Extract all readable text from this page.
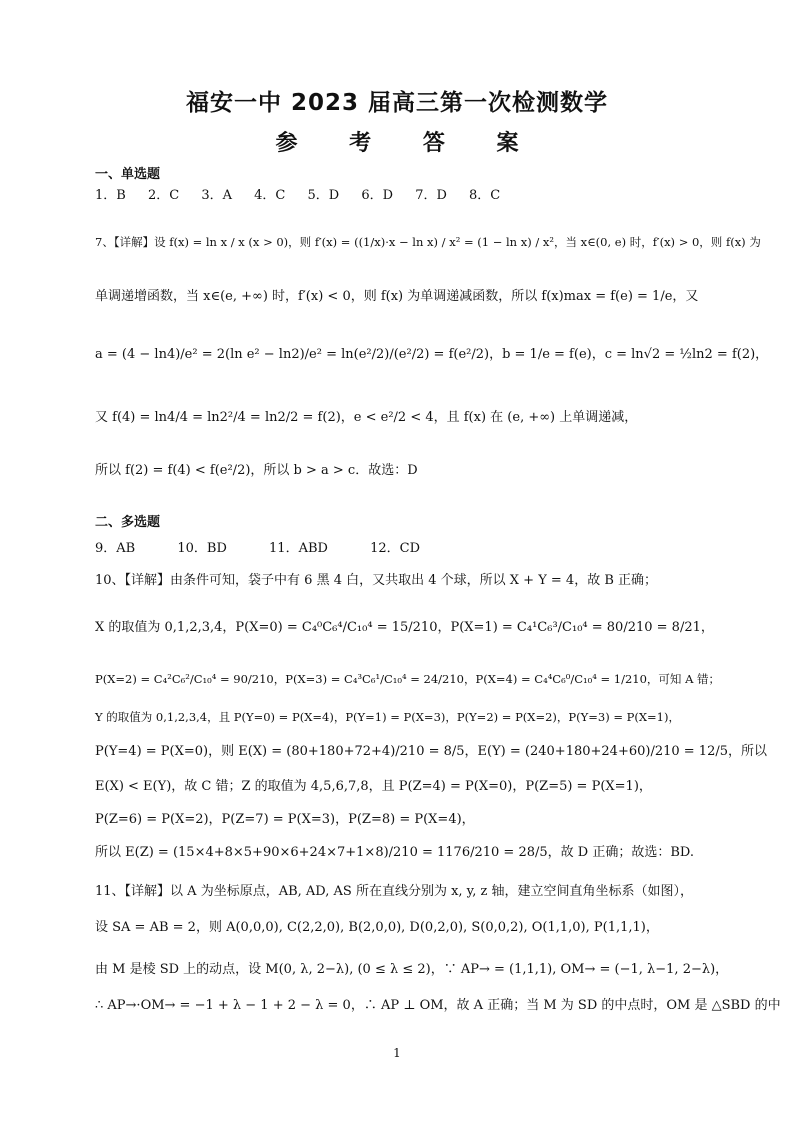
福安一中 2023 届高三第一次检测数学
参 考 答 案
一、单选题
1．B 2．C 3．A 4．C 5．D 6．D 7．D 8．C
7、【详解】设 f(x) = ln x / x (x > 0)，则 f′(x) = ((1/x)·x − ln x) / x² = (1 − ln x) / x²，当 x∈(0, e) 时，f′(x) > 0，则 f(x) 为
单调递增函数，当 x∈(e, +∞) 时，f′(x) < 0，则 f(x) 为单调递减函数，所以 f(x)max = f(e) = 1/e，又
a = (4 − ln4)/e² = 2(ln e² − ln2)/e² = ln(e²/2)/(e²/2) = f(e²/2)，b = 1/e = f(e)，c = ln√2 = ½ln2 = f(2)，
又 f(4) = ln4/4 = ln2²/4 = ln2/2 = f(2)，e < e²/2 < 4，且 f(x) 在 (e, +∞) 上单调递减，
所以 f(2) = f(4) < f(e²/2)，所以 b > a > c．故选：D
二、多选题
9．AB	10．BD	11．ABD	12．CD
10、【详解】由条件可知，袋子中有 6 黑 4 白，又共取出 4 个球，所以 X + Y = 4，故 B 正确；
X 的取值为 0,1,2,3,4，P(X=0) = C₄⁰C₆⁴/C₁₀⁴ = 15/210，P(X=1) = C₄¹C₆³/C₁₀⁴ = 80/210 = 8/21，
P(X=2) = C₄²C₆²/C₁₀⁴ = 90/210，P(X=3) = C₄³C₆¹/C₁₀⁴ = 24/210，P(X=4) = C₄⁴C₆⁰/C₁₀⁴ = 1/210，可知 A 错；
Y 的取值为 0,1,2,3,4，且 P(Y=0) = P(X=4)，P(Y=1) = P(X=3)，P(Y=2) = P(X=2)，P(Y=3) = P(X=1)，
P(Y=4) = P(X=0)，则 E(X) = (80+180+72+4)/210 = 8/5，E(Y) = (240+180+24+60)/210 = 12/5，所以
E(X) < E(Y)，故 C 错；Z 的取值为 4,5,6,7,8，且 P(Z=4) = P(X=0)，P(Z=5) = P(X=1)，
P(Z=6) = P(X=2)，P(Z=7) = P(X=3)，P(Z=8) = P(X=4)，
所以 E(Z) = (15×4+8×5+90×6+24×7+1×8)/210 = 1176/210 = 28/5，故 D 正确；故选：BD.
11、【详解】以 A 为坐标原点，AB, AD, AS 所在直线分别为 x, y, z 轴，建立空间直角坐标系（如图），
设 SA = AB = 2，则 A(0,0,0), C(2,2,0), B(2,0,0), D(0,2,0), S(0,0,2), O(1,1,0), P(1,1,1)，
由 M 是棱 SD 上的动点，设 M(0, λ, 2−λ), (0 ≤ λ ≤ 2)，∵ AP→ = (1,1,1), OM→ = (−1, λ−1, 2−λ)，
∴ AP→·OM→ = −1 + λ − 1 + 2 − λ = 0，∴ AP ⊥ OM，故 A 正确；当 M 为 SD 的中点时，OM 是 △SBD 的中
1
